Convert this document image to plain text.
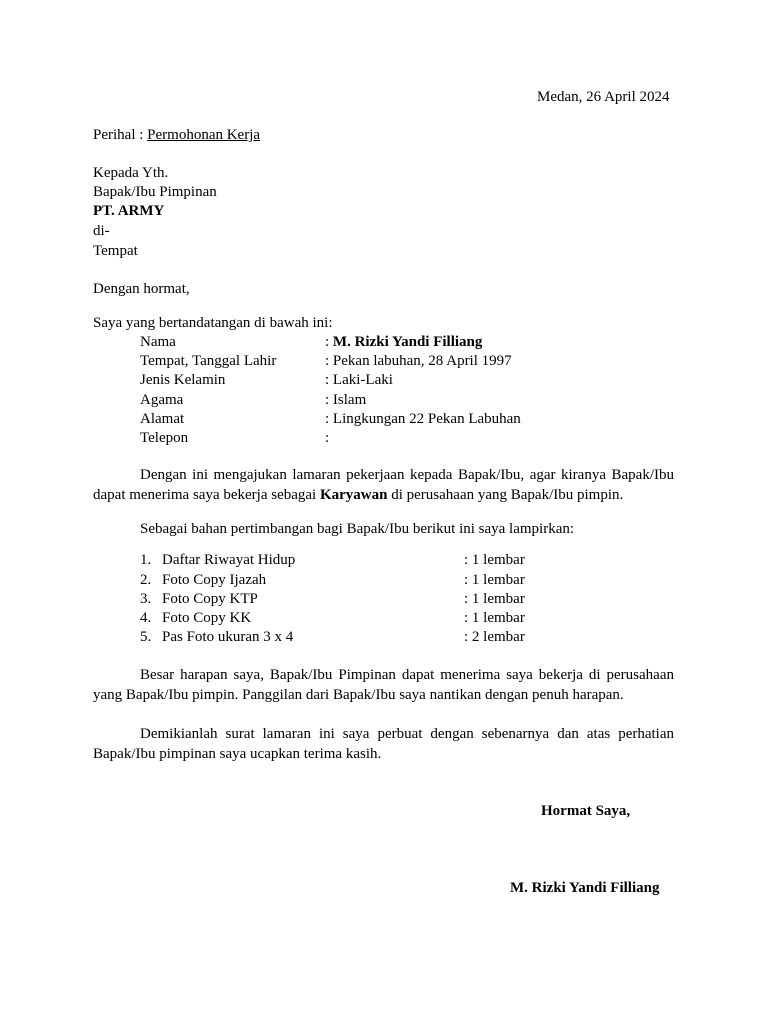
Medan, 26 April 2024
Perihal : Permohonan Kerja
Kepada Yth.
Bapak/Ibu Pimpinan
PT. ARMY
di-
Tempat
Dengan hormat,
Saya yang bertandatangan di bawah ini:
Nama	: M. Rizki Yandi Filliang
Tempat, Tanggal Lahir	: Pekan labuhan, 28 April 1997
Jenis Kelamin	: Laki-Laki
Agama	: Islam
Alamat	: Lingkungan 22 Pekan Labuhan
Telepon	:
Dengan ini mengajukan lamaran pekerjaan kepada Bapak/Ibu, agar kiranya Bapak/Ibu dapat menerima saya bekerja sebagai Karyawan di perusahaan yang Bapak/Ibu pimpin.
Sebagai bahan pertimbangan bagi Bapak/Ibu berikut ini saya lampirkan:
1. Daftar Riwayat Hidup	: 1 lembar
2. Foto Copy Ijazah	: 1 lembar
3. Foto Copy KTP	: 1 lembar
4. Foto Copy KK	: 1 lembar
5. Pas Foto ukuran 3 x 4	: 2 lembar
Besar harapan saya, Bapak/Ibu Pimpinan dapat menerima saya bekerja di perusahaan yang Bapak/Ibu pimpin. Panggilan dari Bapak/Ibu saya nantikan dengan penuh harapan.
Demikianlah surat lamaran ini saya perbuat dengan sebenarnya dan atas perhatian Bapak/Ibu pimpinan saya ucapkan terima kasih.
Hormat Saya,
M. Rizki Yandi Filliang
